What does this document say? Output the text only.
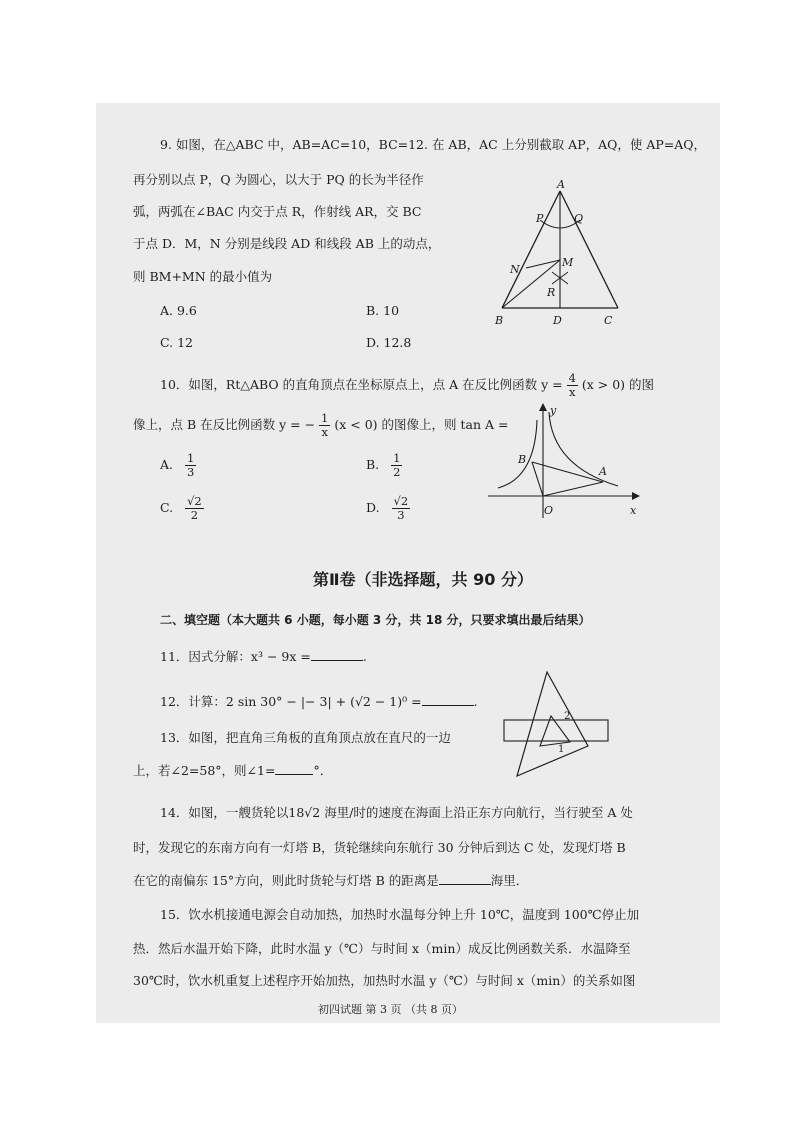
9. 如图，在△ABC 中，AB=AC=10，BC=12. 在 AB，AC 上分别截取 AP，AQ，使 AP=AQ，
再分别以点 P，Q 为圆心，以大于 PQ 的长为半径作
弧，两弧在∠BAC 内交于点 R，作射线 AR，交 BC
于点 D．M，N 分别是线段 AD 和线段 AB 上的动点，
则 BM+MN 的最小值为
A. 9.6	B. 10
C. 12	D. 12.8
A
P	Q
N
M
R
B	D	C
10．如图，Rt△ABO 的直角顶点在坐标原点上，点 A 在反比例函数 $y = \frac{4}{x} (x > 0)$ 的图
像上，点 B 在反比例函数 y = − $\frac{1}{x} (x < 0)$ 的图像上，则 tan A =
A. $\frac{1}{3}$	B. $\frac{1}{2}$
C. $\frac{√2}{2}$	D. $\frac{√2}{3}$
y
x
B
A
O
第Ⅱ卷（非选择题，共 90 分）
二、填空题（本大题共 6 小题，每小题 3 分，共 18 分，只要求填出最后结果）
11．因式分解：x³ − 9x =	.
12．计算：2 sin 30° − |− 3| + (√2 − 1)⁰ =	.
13．如图，把直角三角板的直角顶点放在直尺的一边
上，若∠2=58°，则∠1=	°．
2
1
14．如图，一艘货轮以18√2 海里/时的速度在海面上沿正东方向航行，当行驶至 A 处
时，发现它的东南方向有一灯塔 B，货轮继续向东航行 30 分钟后到达 C 处，发现灯塔 B
在它的南偏东 15°方向，则此时货轮与灯塔 B 的距离是	海里．
15．饮水机接通电源会自动加热，加热时水温每分钟上升 10℃，温度到 100℃停止加
热．然后水温开始下降，此时水温 y（℃）与时间 x（min）成反比例函数关系．水温降至
30℃时，饮水机重复上述程序开始加热，加热时水温 y（℃）与时间 x（min）的关系如图
初四试题 第 3 页 （共 8 页）
